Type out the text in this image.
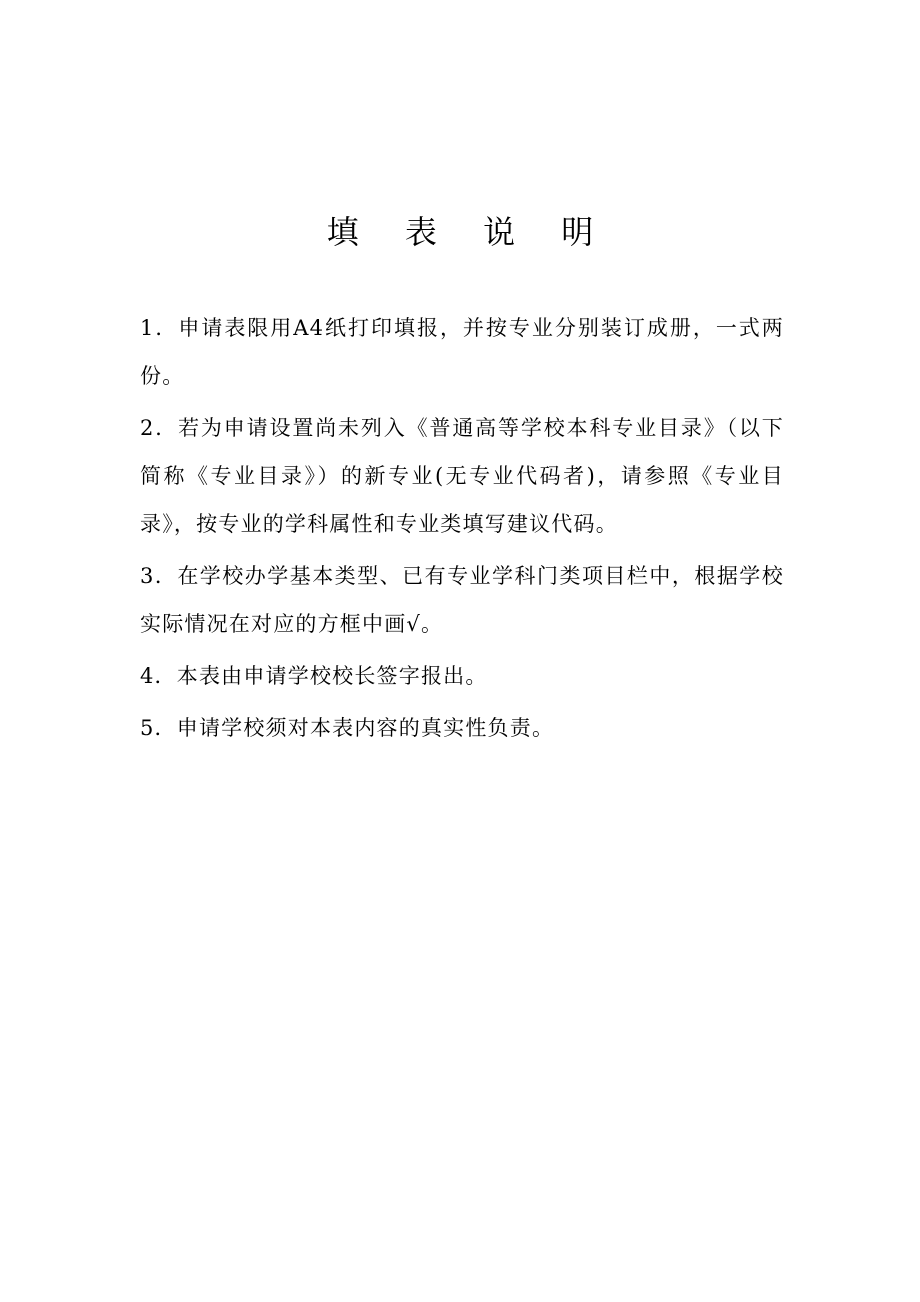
填 表 说 明

1．申请表限用A4纸打印填报，并按专业分别装订成册，一式两份。

2．若为申请设置尚未列入《普通高等学校本科专业目录》（以下简称《专业目录》）的新专业(无专业代码者)，请参照《专业目录》，按专业的学科属性和专业类填写建议代码。

3．在学校办学基本类型、已有专业学科门类项目栏中，根据学校实际情况在对应的方框中画√。

4．本表由申请学校校长签字报出。

5．申请学校须对本表内容的真实性负责。
